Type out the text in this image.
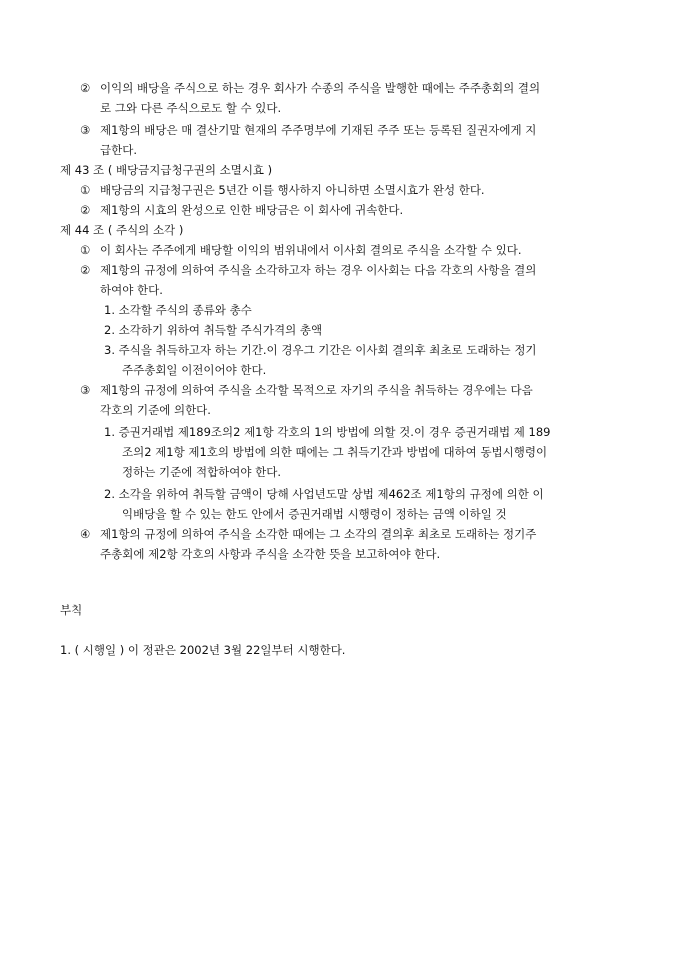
② 이익의 배당을 주식으로 하는 경우 회사가 수종의 주식을 발행한 때에는 주주총회의 결의
로 그와 다른 주식으로도 할 수 있다.
③ 제1항의 배당은 매 결산기말 현재의 주주명부에 기재된 주주 또는 등록된 질권자에게 지
급한다.
제 43 조 ( 배당금지급청구권의 소멸시효 )
① 배당금의 지급청구권은 5년간 이를 행사하지 아니하면 소멸시효가 완성 한다.
② 제1항의 시효의 완성으로 인한 배당금은 이 회사에 귀속한다.
제 44 조 ( 주식의 소각 )
① 이 회사는 주주에게 배당할 이익의 범위내에서 이사회 결의로 주식을 소각할 수 있다.
② 제1항의 규정에 의하여 주식을 소각하고자 하는 경우 이사회는 다음 각호의 사항을 결의
하여야 한다.
1. 소각할 주식의 종류와 총수
2. 소각하기 위하여 취득할 주식가격의 총액
3. 주식을 취득하고자 하는 기간.이 경우그 기간은 이사회 결의후 최초로 도래하는 정기
주주총회일 이전이어야 한다.
③ 제1항의 규정에 의하여 주식을 소각할 목적으로 자기의 주식을 취득하는 경우에는 다음
각호의 기준에 의한다.
1. 증권거래법 제189조의2 제1항 각호의 1의 방법에 의할 것.이 경우 증권거래법 제 189
조의2 제1항 제1호의 방법에 의한 때에는 그 취득기간과 방법에 대하여 동법시행령이
정하는 기준에 적합하여야 한다.
2. 소각을 위하여 취득할 금액이 당해 사업년도말 상법 제462조 제1항의 규정에 의한 이
익배당을 할 수 있는 한도 안에서 증권거래법 시행령이 정하는 금액 이하일 것
④ 제1항의 규정에 의하여 주식을 소각한 때에는 그 소각의 결의후 최초로 도래하는 정기주
주총회에 제2항 각호의 사항과 주식을 소각한 뜻을 보고하여야 한다.
부칙
1. ( 시행일 ) 이 정관은 2002년 3월 22일부터 시행한다.
